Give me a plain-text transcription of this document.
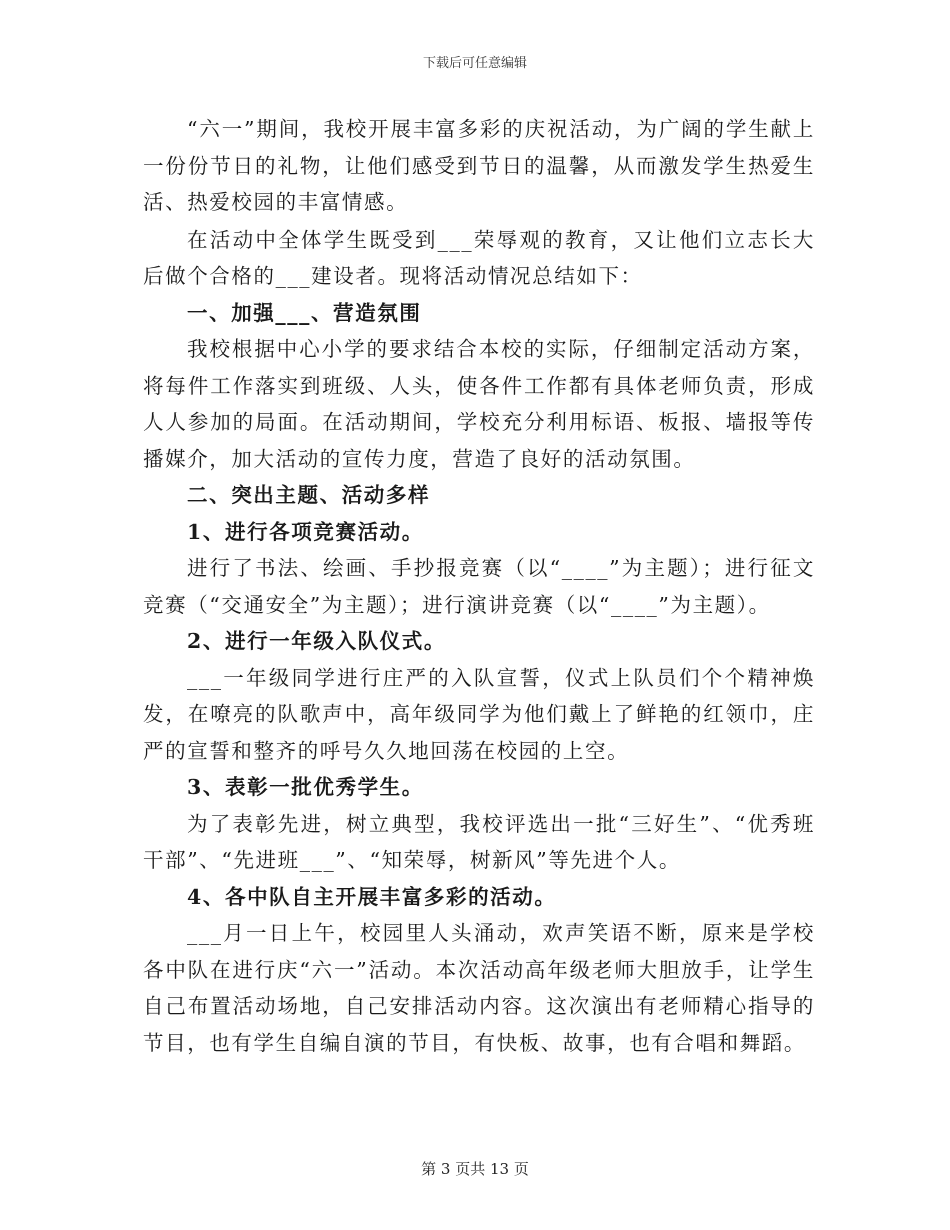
下载后可任意编辑

“六一”期间，我校开展丰富多彩的庆祝活动，为广阔的学生献上一份份节日的礼物，让他们感受到节日的温馨，从而激发学生热爱生活、热爱校园的丰富情感。

在活动中全体学生既受到___荣辱观的教育，又让他们立志长大后做个合格的___建设者。现将活动情况总结如下：

一、加强___、营造氛围

我校根据中心小学的要求结合本校的实际，仔细制定活动方案，将每件工作落实到班级、人头，使各件工作都有具体老师负责，形成人人参加的局面。在活动期间，学校充分利用标语、板报、墙报等传播媒介，加大活动的宣传力度，营造了良好的活动氛围。

二、突出主题、活动多样

1、进行各项竞赛活动。

进行了书法、绘画、手抄报竞赛（以“____”为主题）；进行征文竞赛（“交通安全”为主题）；进行演讲竞赛（以“____”为主题）。

2、进行一年级入队仪式。

___一年级同学进行庄严的入队宣誓，仪式上队员们个个精神焕发，在嘹亮的队歌声中，高年级同学为他们戴上了鲜艳的红领巾，庄严的宣誓和整齐的呼号久久地回荡在校园的上空。

3、表彰一批优秀学生。

为了表彰先进，树立典型，我校评选出一批“三好生”、“优秀班干部”、“先进班___”、“知荣辱，树新风”等先进个人。

4、各中队自主开展丰富多彩的活动。

___月一日上午，校园里人头涌动，欢声笑语不断，原来是学校各中队在进行庆“六一”活动。本次活动高年级老师大胆放手，让学生自己布置活动场地，自己安排活动内容。这次演出有老师精心指导的节目，也有学生自编自演的节目，有快板、故事，也有合唱和舞蹈。

第 3 页共 13 页
